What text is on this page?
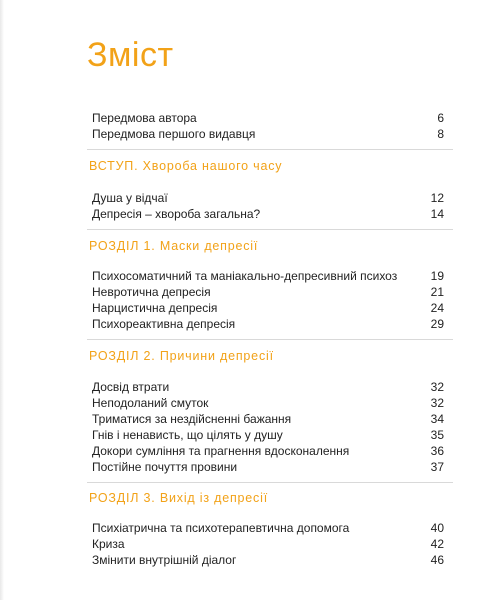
Зміст
Передмова автора	6
Передмова першого видавця	8
ВСТУП. Хвороба нашого часу
Душа у відчаї	12
Депресія – хвороба загальна?	14
РОЗДІЛ 1. Маски депресії
Психосоматичний та маніакально-депресивний психоз	19
Невротична депресія	21
Нарцистична депресія	24
Психореактивна депресія	29
РОЗДІЛ 2. Причини депресії
Досвід втрати	32
Неподоланий смуток	32
Триматися за нездійсненні бажання	34
Гнів і ненависть, що цілять у душу	35
Докори сумління та прагнення вдосконалення	36
Постійне почуття провини	37
РОЗДІЛ 3. Вихід із депресії
Психіатрична та психотерапевтична допомога	40
Криза	42
Змінити внутрішній діалог	46
